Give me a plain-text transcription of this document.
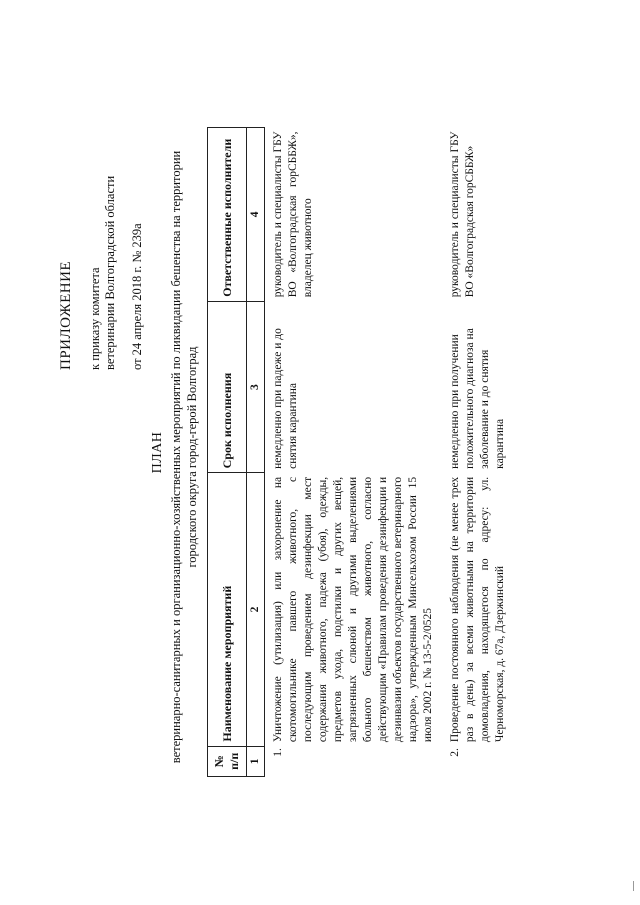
ПРИЛОЖЕНИЕ к приказу комитета ветеринарии Волгоградской области от 24 апреля 2018 г. № 239а
ПЛАН ветеринарно-санитарных и организационно-хозяйственных мероприятий по ликвидации бешенства на территории городского округа город-герой Волгоград
№ п/п	Наименование мероприятий	Срок исполнения	Ответственные исполнители
1	2	3	4
1.	Уничтожение (утилизация) или захоронение на скотомогильнике павшего животного, с последующим проведением дезинфекции мест содержания животного, падежа (убоя), одежды, предметов ухода, подстилки и других вещей, загрязненных слюной и другими выделениями больного бешенством животного, согласно действующим «Правилам проведения дезинфекции и дезинвазии объектов государственного ветеринарного надзора», утвержденным Минсельхозом России 15 июля 2002 г. № 13-5-2/0525	немедленно при падеже и до снятия карантина	руководитель и специалисты ГБУ ВО «Волгоградская горСББЖ», владелец животного
2.	Проведение постоянного наблюдения (не менее трех раз в день) за всеми животными на территории домовладения, находящегося по адресу: ул. Черноморская, д. 67а, Дзержинский	немедленно при получении положительного диагноза на заболевание и до снятия карантина	руководитель и специалисты ГБУ ВО «Волгоградская горСББЖ»
